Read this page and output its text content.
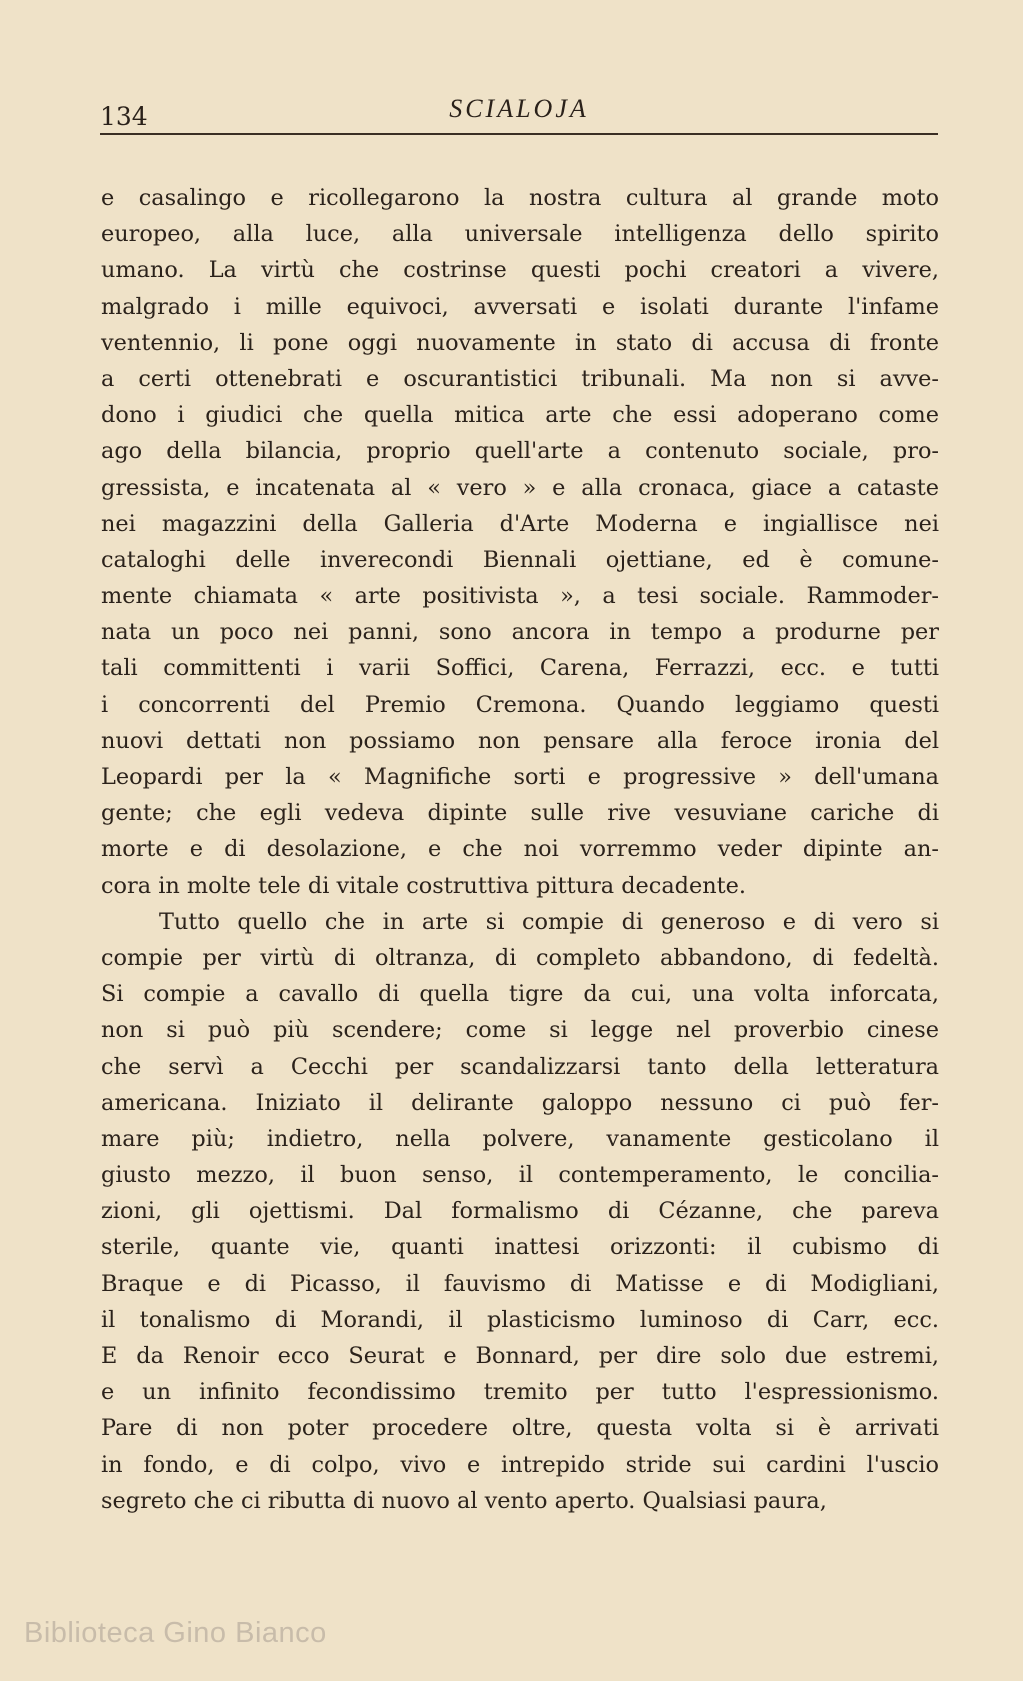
134	SCIALOJA
e casalingo e ricollegarono la nostra cultura al grande moto
europeo, alla luce, alla universale intelligenza dello spirito
umano. La virtù che costrinse questi pochi creatori a vivere,
malgrado i mille equivoci, avversati e isolati durante l'infame
ventennio, li pone oggi nuovamente in stato di accusa di fronte
a certi ottenebrati e oscurantistici tribunali. Ma non si avve-
dono i giudici che quella mitica arte che essi adoperano come
ago della bilancia, proprio quell'arte a contenuto sociale, pro-
gressista, e incatenata al « vero » e alla cronaca, giace a cataste
nei magazzini della Galleria d'Arte Moderna e ingiallisce nei
cataloghi delle inverecondi Biennali ojettiane, ed è comune-
mente chiamata « arte positivista », a tesi sociale. Rammoder-
nata un poco nei panni, sono ancora in tempo a produrne per
tali committenti i varii Soffici, Carena, Ferrazzi, ecc. e tutti
i concorrenti del Premio Cremona. Quando leggiamo questi
nuovi dettati non possiamo non pensare alla feroce ironia del
Leopardi per la « Magnifiche sorti e progressive » dell'umana
gente; che egli vedeva dipinte sulle rive vesuviane cariche di
morte e di desolazione, e che noi vorremmo veder dipinte an-
cora in molte tele di vitale costruttiva pittura decadente.
Tutto quello che in arte si compie di generoso e di vero si
compie per virtù di oltranza, di completo abbandono, di fedeltà.
Si compie a cavallo di quella tigre da cui, una volta inforcata,
non si può più scendere; come si legge nel proverbio cinese
che servì a Cecchi per scandalizzarsi tanto della letteratura
americana. Iniziato il delirante galoppo nessuno ci può fer-
mare più; indietro, nella polvere, vanamente gesticolano il
giusto mezzo, il buon senso, il contemperamento, le concilia-
zioni, gli ojettismi. Dal formalismo di Cézanne, che pareva
sterile, quante vie, quanti inattesi orizzonti: il cubismo di
Braque e di Picasso, il fauvismo di Matisse e di Modigliani,
il tonalismo di Morandi, il plasticismo luminoso di Carr, ecc.
E da Renoir ecco Seurat e Bonnard, per dire solo due estremi,
e un infinito fecondissimo tremito per tutto l'espressionismo.
Pare di non poter procedere oltre, questa volta si è arrivati
in fondo, e di colpo, vivo e intrepido stride sui cardini l'uscio
segreto che ci ributta di nuovo al vento aperto. Qualsiasi paura,
Biblioteca Gino Bianco
